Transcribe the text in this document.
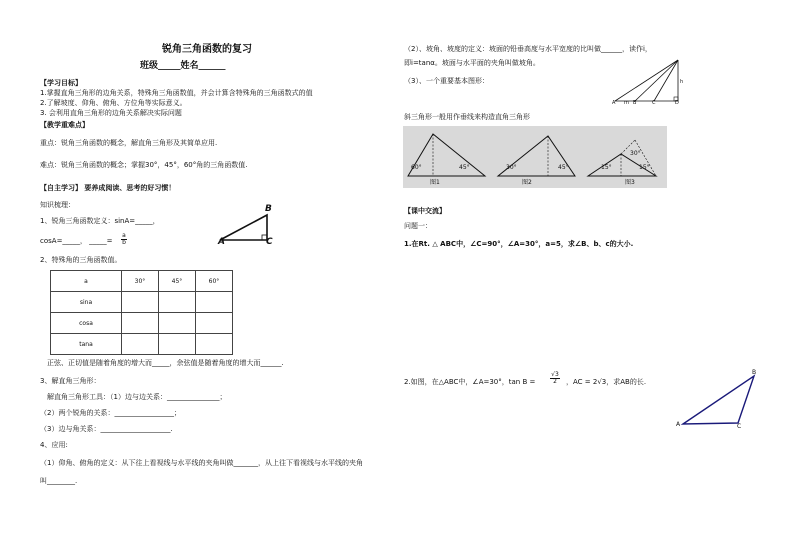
锐角三角函数的复习
班级_____姓名______
【学习目标】
1.掌握直角三角形的边角关系，特殊角三角函数值，并会计算含特殊角的三角函数式的值
2.了解坡度、仰角、俯角、方位角等实际意义。
3. 会利用直角三角形的边角关系解决实际问题
【教学重难点】
重点：锐角三角函数的概念，解直角三角形及其简单应用.
难点：锐角三角函数的概念；掌握30°，45°，60°角的三角函数值.
【自主学习】 要养成阅读、思考的好习惯！
知识梳理：
1、锐角三角函数定义：sinA=_____，
cosA=_____， _____=
a
b
B
A	C
2、特殊角的三角函数值。
a	30°	45°	60°
sina			
cosa			
tana			
正弦、正切值是随着角度的增大而_____，余弦值是随着角度的增大而______.
3、解直角三角形：
解直角三角形工具：（1）边与边关系：_______________；
（2）两个锐角的关系：_________________；
（3）边与角关系：____________________.
4、应用:
（1）仰角、俯角的定义：从下往上看视线与水平线的夹角叫做_______，从上往下看视线与水平线的夹角
叫________.
（2）、坡角、坡度的定义：坡面的铅垂高度与水平宽度的比叫做______，读作i，
即i=tanα。坡面与水平面的夹角叫做坡角。
（3）、一个重要基本图形：
A	B	C	D
h
m
斜三角形一般用作垂线来构造直角三角形
60°	45°	30°	45°	15°	15°
30°
图1	图2	图3
【课中交流】
问题一：
1.在Rt. △ ABC中，∠C=90°，∠A=30°，a=5，求∠B、b、c的大小.
2.如图，在△ABC中，∠A=30°，tan B =
√3
2	，AC = 2√3，求AB的长.
B
A	C
